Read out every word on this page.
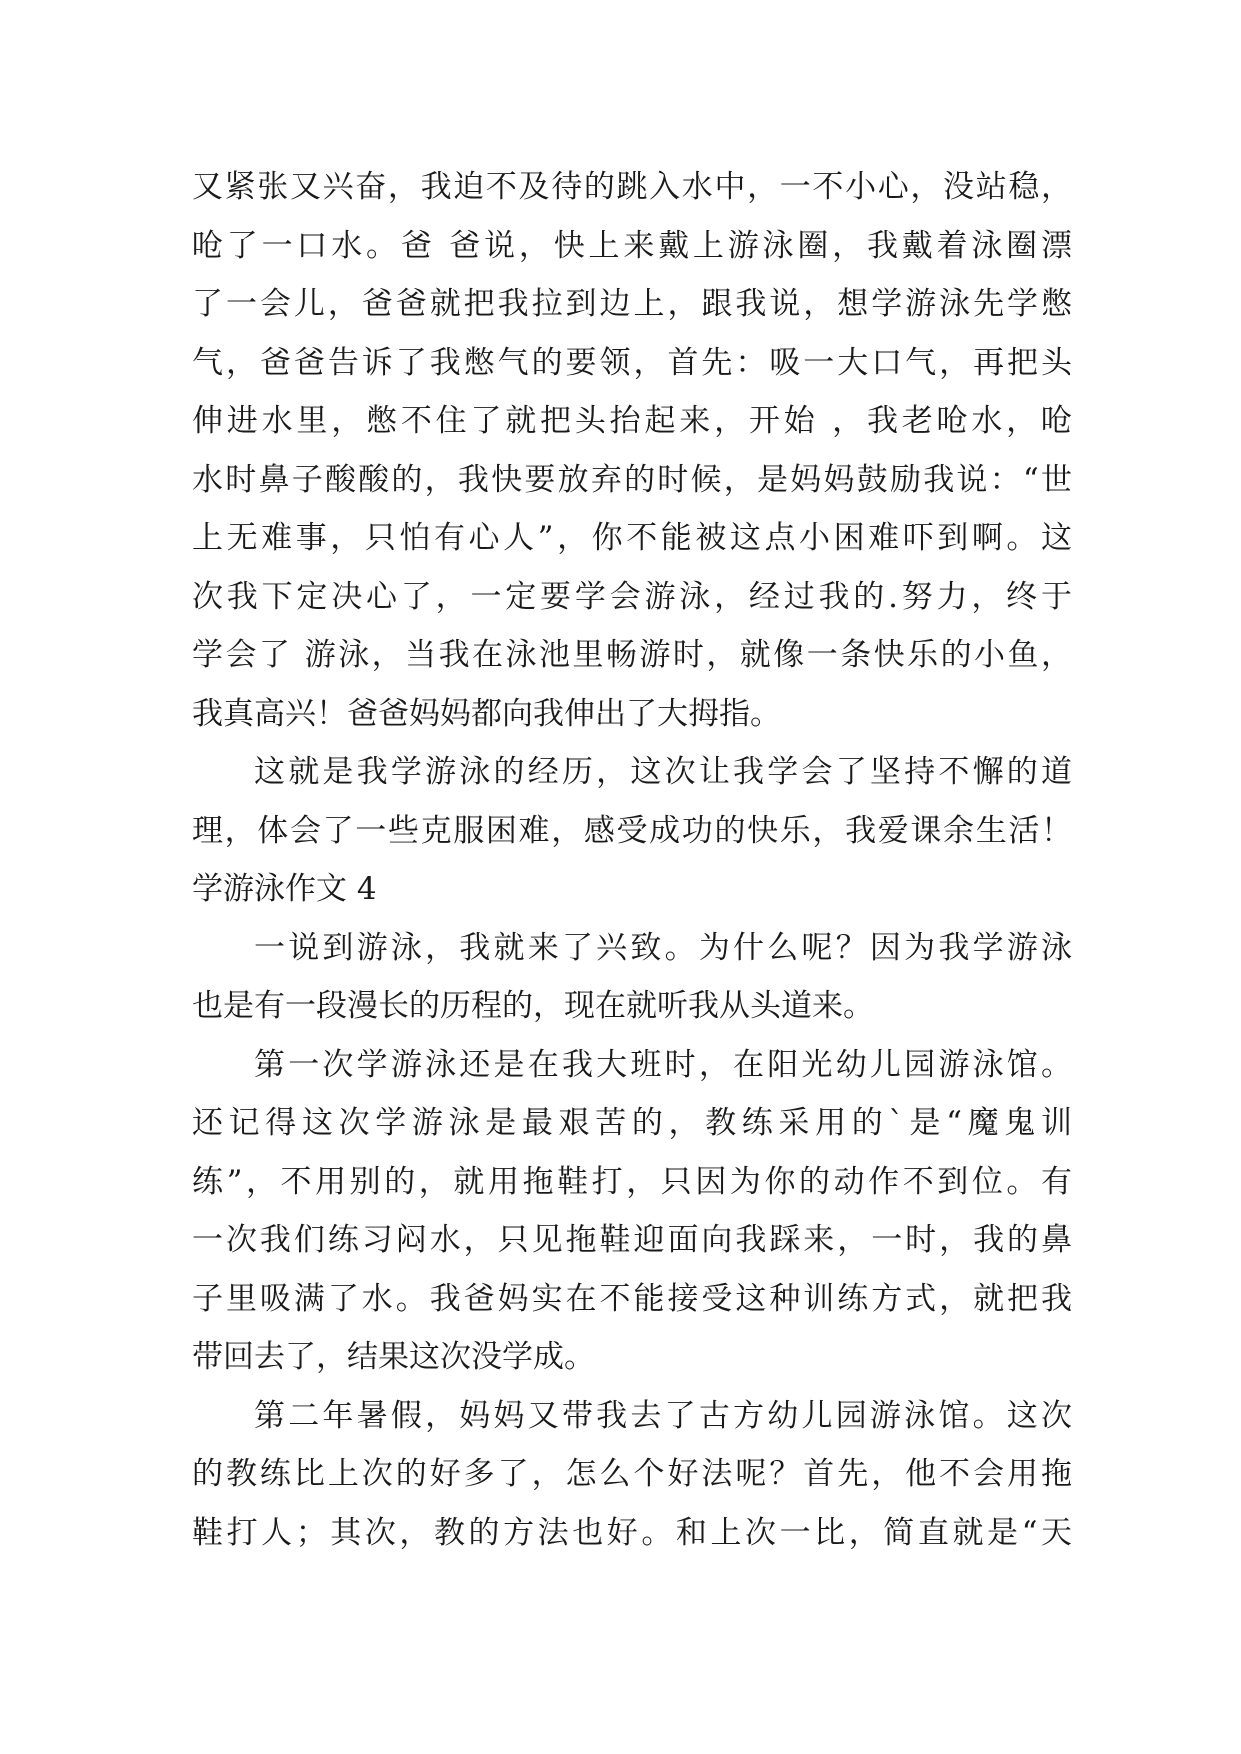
又紧张又兴奋，我迫不及待的跳入水中，一不小心，没站稳，
呛了一口水。爸 爸说，快上来戴上游泳圈，我戴着泳圈漂
了一会儿，爸爸就把我拉到边上，跟我说，想学游泳先学憋
气，爸爸告诉了我憋气的要领，首先：吸一大口气，再把头
伸进水里，憋不住了就把头抬起来，开始 ，我老呛水，呛
水时鼻子酸酸的，我快要放弃的时候，是妈妈鼓励我说：“世
上无难事，只怕有心人”，你不能被这点小困难吓到啊。这
次我下定决心了，一定要学会游泳，经过我的.努力，终于
学会了 游泳，当我在泳池里畅游时，就像一条快乐的小鱼，
我真高兴！爸爸妈妈都向我伸出了大拇指。
这就是我学游泳的经历，这次让我学会了坚持不懈的道
理，体会了一些克服困难，感受成功的快乐，我爱课余生活！
学游泳作文 4
一说到游泳，我就来了兴致。为什么呢？因为我学游泳
也是有一段漫长的历程的，现在就听我从头道来。
第一次学游泳还是在我大班时，在阳光幼儿园游泳馆。
还记得这次学游泳是最艰苦的，教练采用的`是“魔鬼训
练”，不用别的，就用拖鞋打，只因为你的动作不到位。有
一次我们练习闷水，只见拖鞋迎面向我踩来，一时，我的鼻
子里吸满了水。我爸妈实在不能接受这种训练方式，就把我
带回去了，结果这次没学成。
第二年暑假，妈妈又带我去了古方幼儿园游泳馆。这次
的教练比上次的好多了，怎么个好法呢？首先，他不会用拖
鞋打人；其次，教的方法也好。和上次一比，简直就是“天
